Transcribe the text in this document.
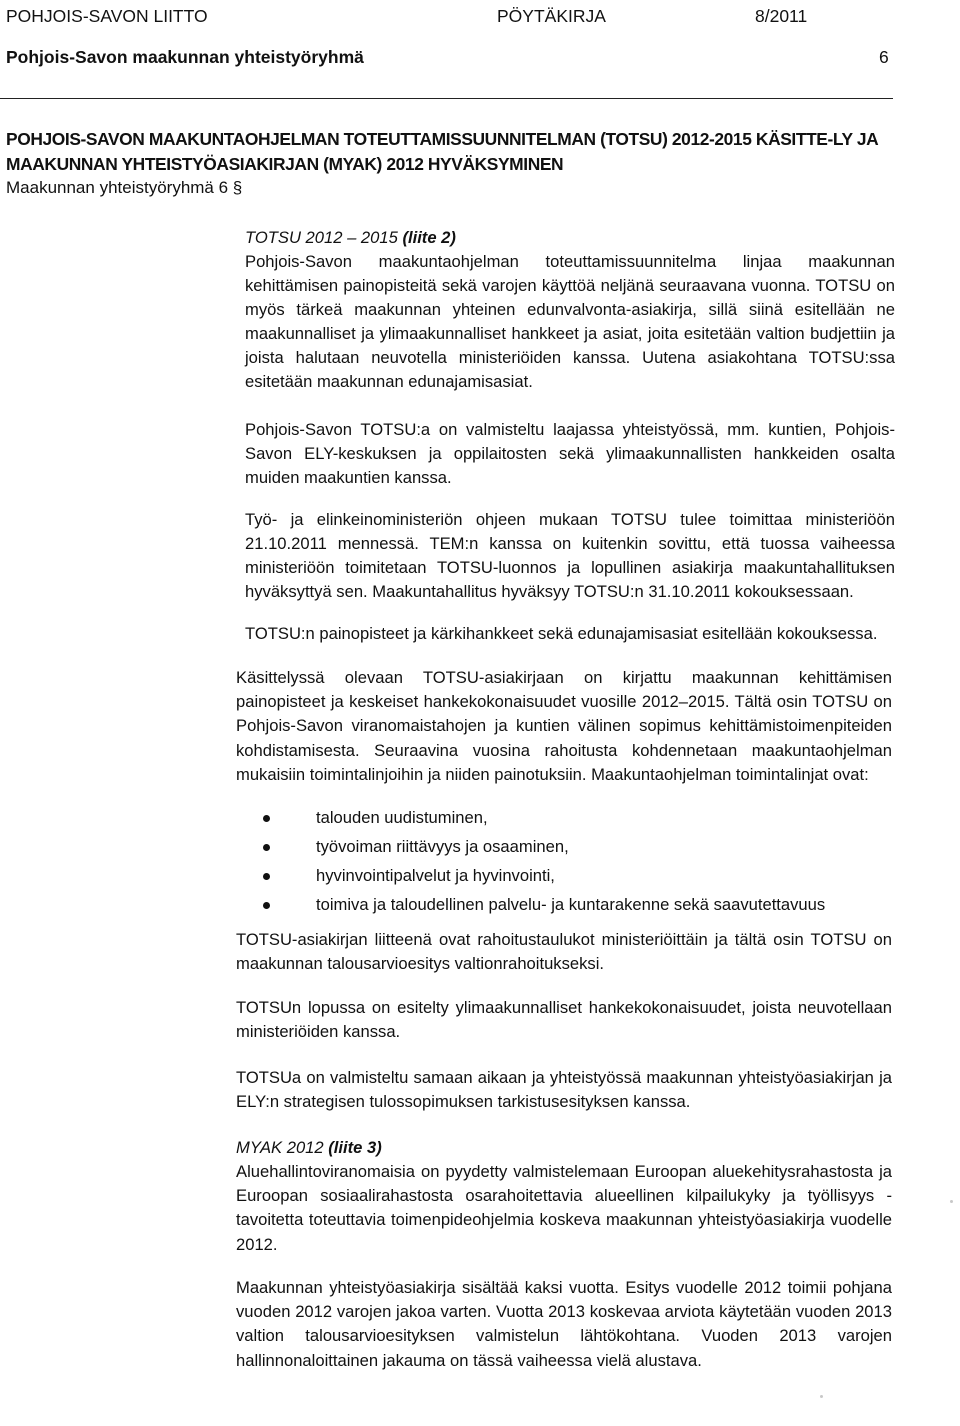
POHJOIS-SAVON LIITTO	PÖYTÄKIRJA	8/2011
Pohjois-Savon maakunnan yhteistyöryhmä	6
POHJOIS-SAVON MAAKUNTAOHJELMAN TOTEUTTAMISSUUNNITELMAN (TOTSU) 2012-2015 KÄSITTE-LY JA MAAKUNNAN YHTEISTYÖASIAKIRJAN (MYAK) 2012 HYVÄKSYMINEN
Maakunnan yhteistyöryhmä 6 §
TOTSU 2012 – 2015 (liite 2)
Pohjois-Savon maakuntaohjelman toteuttamissuunnitelma linjaa maakunnan kehittämisen painopisteitä sekä varojen käyttöä neljänä seuraavana vuonna. TOTSU on myös tärkeä maakunnan yhteinen edunvalvonta-asiakirja, sillä siinä esitellään ne maakunnalliset ja ylimaakunnalliset hankkeet ja asiat, joita esitetään valtion budjettiin ja joista halutaan neuvotella ministeriöiden kanssa. Uutena asiakohtana TOTSU:ssa esitetään maakunnan edunajamisasiat.
Pohjois-Savon TOTSU:a on valmisteltu laajassa yhteistyössä, mm. kuntien, Pohjois-Savon ELY-keskuksen ja oppilaitosten sekä ylimaakunnallisten hankkeiden osalta muiden maakuntien kanssa.
Työ- ja elinkeinoministeriön ohjeen mukaan TOTSU tulee toimittaa ministeriöön 21.10.2011 mennessä. TEM:n kanssa on kuitenkin sovittu, että tuossa vaiheessa ministeriöön toimitetaan TOTSU-luonnos ja lopullinen asiakirja maakuntahallituksen hyväksyttyä sen. Maakuntahallitus hyväksyy TOTSU:n 31.10.2011 kokouksessaan.
TOTSU:n painopisteet ja kärkihankkeet sekä edunajamisasiat esitellään kokouksessa.
Käsittelyssä olevaan TOTSU-asiakirjaan on kirjattu maakunnan kehittämisen painopisteet ja keskeiset hankekokonaisuudet vuosille 2012–2015. Tältä osin TOTSU on Pohjois-Savon viranomaistahojen ja kuntien välinen sopimus kehittämistoimenpiteiden kohdistamisesta. Seuraavina vuosina rahoitusta kohdennetaan maakuntaohjelman mukaisiin toimintalinjoihin ja niiden painotuksiin. Maakuntaohjelman toimintalinjat ovat:
talouden uudistuminen,
työvoiman riittävyys ja osaaminen,
hyvinvointipalvelut ja hyvinvointi,
toimiva ja taloudellinen palvelu- ja kuntarakenne sekä saavutettavuus
TOTSU-asiakirjan liitteenä ovat rahoitustaulukot ministeriöittäin ja tältä osin TOTSU on maakunnan talousarvioesitys valtionrahoitukseksi.
TOTSUn lopussa on esitelty ylimaakunnalliset hankekokonaisuudet, joista neuvotellaan ministeriöiden kanssa.
TOTSUa on valmisteltu samaan aikaan ja yhteistyössä maakunnan yhteistyöasiakirjan ja ELY:n strategisen tulossopimuksen tarkistusesityksen kanssa.
MYAK 2012 (liite 3)
Aluehallintoviranomaisia on pyydetty valmistelemaan Euroopan aluekehitysrahastosta ja Euroopan sosiaalirahastosta osarahoitettavia alueellinen kilpailukyky ja työllisyys -tavoitetta toteuttavia toimenpideohjelmia koskeva maakunnan yhteistyöasiakirja vuodelle 2012.
Maakunnan yhteistyöasiakirja sisältää kaksi vuotta. Esitys vuodelle 2012 toimii pohjana vuoden 2012 varojen jakoa varten. Vuotta 2013 koskevaa arviota käytetään vuoden 2013 valtion talousarvioesityksen valmistelun lähtökohtana. Vuoden 2013 varojen hallinnonaloittainen jakauma on tässä vaiheessa vielä alustava.
